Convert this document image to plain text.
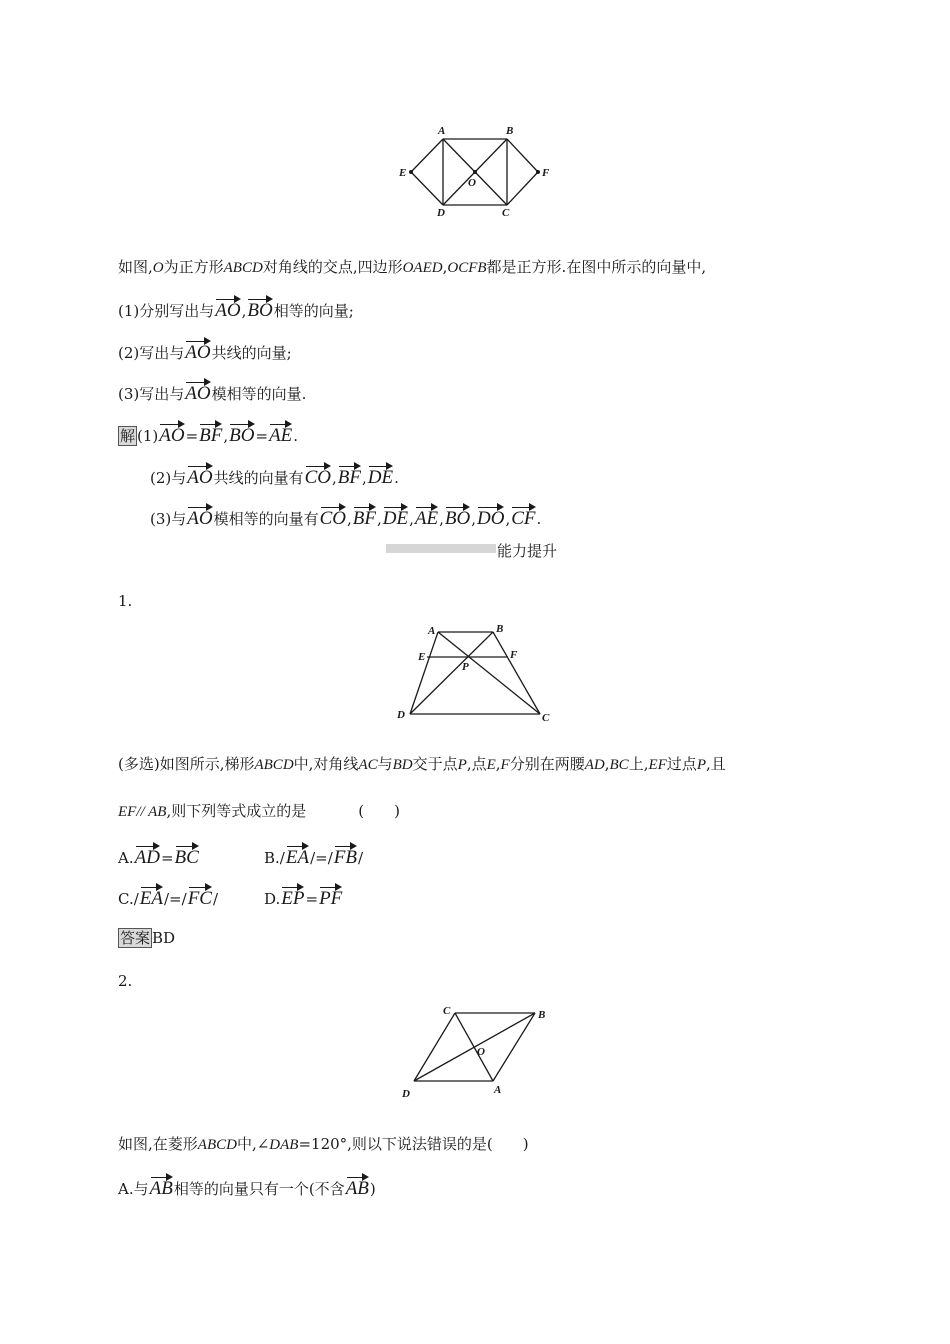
A	B
C
D
E	F
O
如图,O为正方形ABCD对角线的交点,四边形OAED,OCFB都是正方形.在图中所示的向量中,
(1)分别写出与AO,BO相等的向量;
(2)写出与AO共线的向量;
(3)写出与AO模相等的向量.
解 (1)AO=BF,BO=AE.
(2)与AO共线的向量有CO,BF,DE.
(3)与AO模相等的向量有CO,BF,DE,AE,BO,DO,CF.
能力提升
1.
A	B
C
D
E	F
P
(多选)如图所示,梯形ABCD中,对角线AC与BD交于点P,点E,F分别在两腰AD,BC上,EF过点P,且
EF// AB,则下列等式成立的是	(　　)
A.AD=BC	B./EA/=/FB/
C./EA/=/FC/	D.EP=PF
答案 BD
2.
C	B
A
D
O
如图,在菱形ABCD中,∠DAB=120°,则以下说法错误的是(　　)
A.与AB相等的向量只有一个(不含AB)
